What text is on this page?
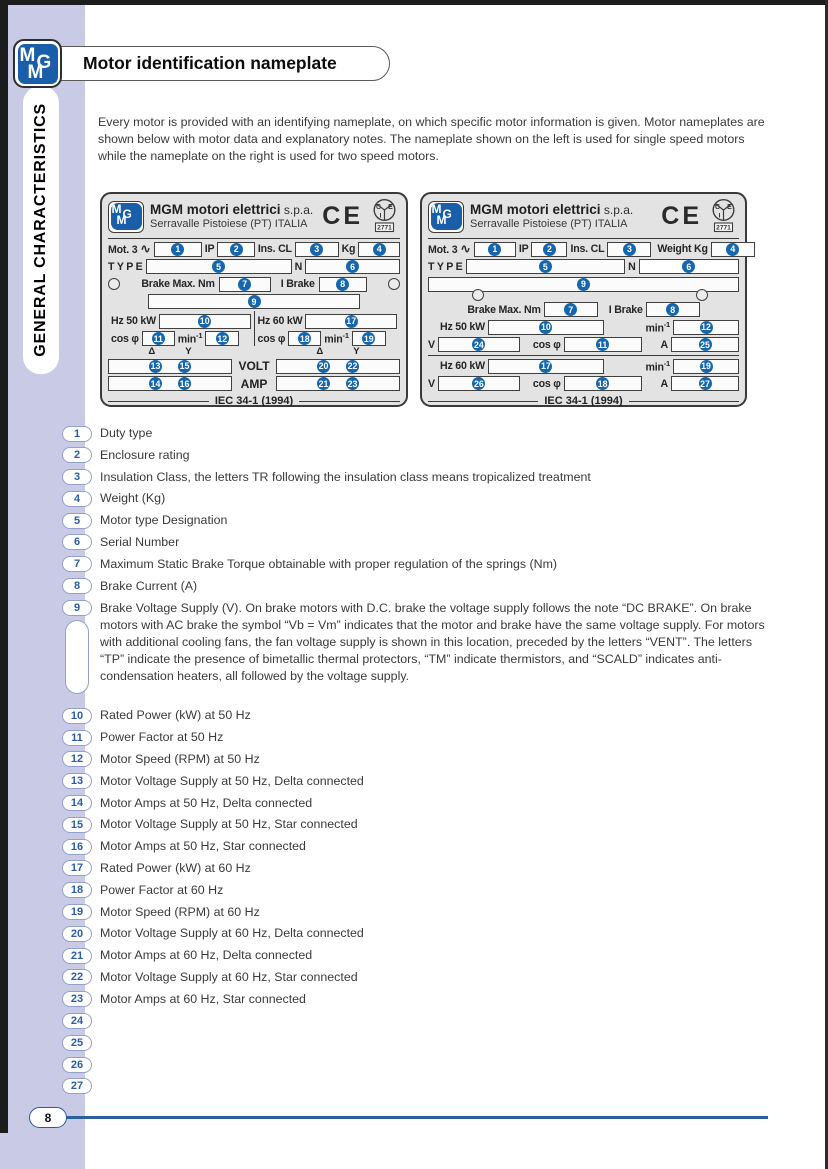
GENERAL CHARACTERISTICS
M G
M	Motor identification nameplate
Every motor is provided with an identifying nameplate, on which specific motor information is given. Motor nameplates are shown below with motor data and explanatory notes. The nameplate shown on the left is used for single speed motors while the nameplate on the right is used for two speed motors.
M G
M
MGM motori elettrici s.p.a.
Serravalle Pistoiese (PT) ITALIA CE C E
I
2771
Mot. 3 ∿	1	IP	2	Ins. CL	3	Kg	4
T Y P E	5	N	6
Brake Max. Nm	7	I Brake	8
9
Hz 50 kW	10
cos φ 11 $\min^{-1} 12$
Hz 60 kW	17
cos φ 18 $\min^{-1} 19$
Δ	Y	Δ	Y
13 15	VOLT	20 22
14 16	AMP	21 23
IEC 34-1 (1994)
M G
M
MGM motori elettrici s.p.a.
Serravalle Pistoiese (PT) ITALIA	CE C E
I
2771
Mot. 3 ∿	1	IP	2	Ins. CL	3	Weight Kg	4
T Y P E	5	N	6
9
Brake Max. Nm	7	I Brake	8
Hz 50 kW	10	$\min^{-1}$	12
V	24	cos φ	11	A	25
Hz 60 kW	17	$\min^{-1}$	19
V	26	cos φ	18	A	27
IEC 34-1 (1994)
1	Duty type
2	Enclosure rating
3	Insulation Class, the letters TR following the insulation class means tropicalized treatment
4	Weight (Kg)
5	Motor type Designation
6	Serial Number
7	Maximum Static Brake Torque obtainable with proper regulation of the springs (Nm)
8	Brake Current (A)
9	Brake Voltage Supply (V). On brake motors with D.C. brake the voltage supply follows the note “DC BRAKE”. On brake motors with AC brake the symbol “Vb = Vm” indicates that the motor and brake have the same voltage supply. For motors with additional cooling fans, the fan voltage supply is shown in this location, preceded by the letters “VENT”. The letters “TP” indicate the presence of bimetallic thermal protectors, “TM” indicate thermistors, and “SCALD” indicates anti-condensation heaters, all followed by the voltage supply.
10	Rated Power (kW) at 50 Hz
11	Power Factor at 50 Hz
12	Motor Speed (RPM) at 50 Hz
13	Motor Voltage Supply at 50 Hz, Delta connected
14	Motor Amps at 50 Hz, Delta connected
15	Motor Voltage Supply at 50 Hz, Star connected
16	Motor Amps at 50 Hz, Star connected
17	Rated Power (kW) at 60 Hz
18	Power Factor at 60 Hz
19	Motor Speed (RPM) at 60 Hz
20	Motor Voltage Supply at 60 Hz, Delta connected
21	Motor Amps at 60 Hz, Delta connected
22	Motor Voltage Supply at 60 Hz, Star connected
23	Motor Amps at 60 Hz, Star connected
24
25
26
27
8
